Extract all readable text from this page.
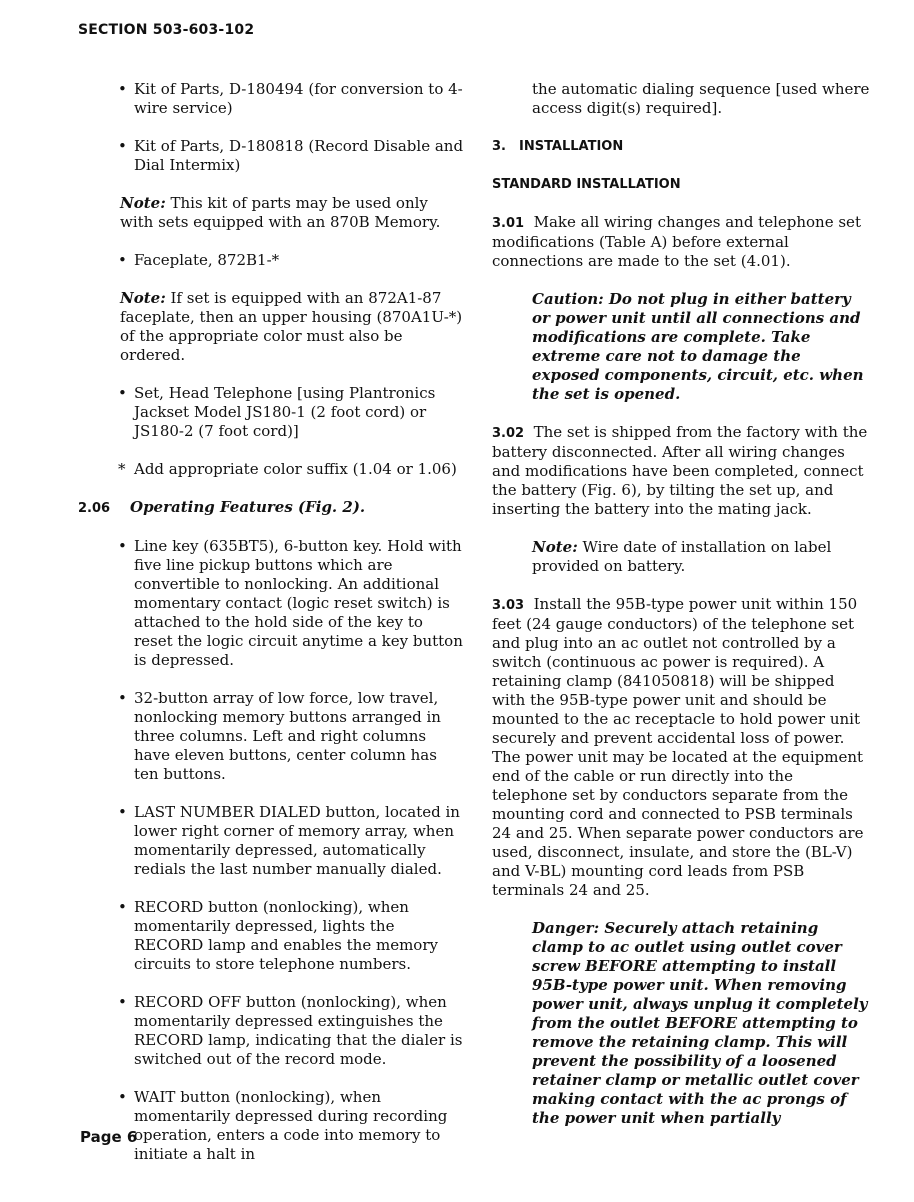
SECTION 503-603-102
• Kit of Parts, D-180494 (for conversion to 4-wire service)

• Kit of Parts, D-180818 (Record Disable and Dial Intermix)

Note: This kit of parts may be used only with sets equipped with an 870B Memory.
• Faceplate, 872B1-*

Note: If set is equipped with an 872A1-87 faceplate, then an upper housing (870A1U-*) of the appropriate color must also be ordered.
• Set, Head Telephone [using Plantronics Jackset Model JS180-1 (2 foot cord) or JS180-2 (7 foot cord)]

* Add appropriate color suffix (1.04 or 1.06)

2.06 Operating Features (Fig. 2).
• Line key (635BT5), 6-button key. Hold with five line pickup buttons which are convertible to nonlocking. An additional momentary contact (logic reset switch) is attached to the hold side of the key to reset the logic circuit anytime a key button is depressed.

• 32-button array of low force, low travel, nonlocking memory buttons arranged in three columns. Left and right columns have eleven buttons, center column has ten buttons.

• LAST NUMBER DIALED button, located in lower right corner of memory array, when momentarily depressed, automatically redials the last number manually dialed.

• RECORD button (nonlocking), when momentarily depressed, lights the RECORD lamp and enables the memory circuits to store telephone numbers.

• RECORD OFF button (nonlocking), when momentarily depressed extinguishes the RECORD lamp, indicating that the dialer is switched out of the record mode.

• WAIT button (nonlocking), when momentarily depressed during recording operation, enters a code into memory to initiate a halt in

the automatic dialing sequence [used where access digit(s) required].
3. INSTALLATION
STANDARD INSTALLATION
3.01 Make all wiring changes and telephone set modifications (Table A) before external connections are made to the set (4.01).
Caution: Do not plug in either battery or power unit until all connections and modifications are complete. Take extreme care not to damage the exposed components, circuit, etc. when the set is opened.
3.02 The set is shipped from the factory with the battery disconnected. After all wiring changes and modifications have been completed, connect the battery (Fig. 6), by tilting the set up, and inserting the battery into the mating jack.
Note: Wire date of installation on label provided on battery.
3.03 Install the 95B-type power unit within 150 feet (24 gauge conductors) of the telephone set and plug into an ac outlet not controlled by a switch (continuous ac power is required). A retaining clamp (841050818) will be shipped with the 95B-type power unit and should be mounted to the ac receptacle to hold power unit securely and prevent accidental loss of power. The power unit may be located at the equipment end of the cable or run directly into the telephone set by conductors separate from the mounting cord and connected to PSB terminals 24 and 25. When separate power conductors are used, disconnect, insulate, and store the (BL-V) and V-BL) mounting cord leads from PSB terminals 24 and 25.
Danger: Securely attach retaining clamp to ac outlet using outlet cover screw BEFORE attempting to install 95B-type power unit. When removing power unit, always unplug it completely from the outlet BEFORE attempting to remove the retaining clamp. This will prevent the possibility of a loosened retainer clamp or metallic outlet cover making contact with the ac prongs of the power unit when partially
Page 6
